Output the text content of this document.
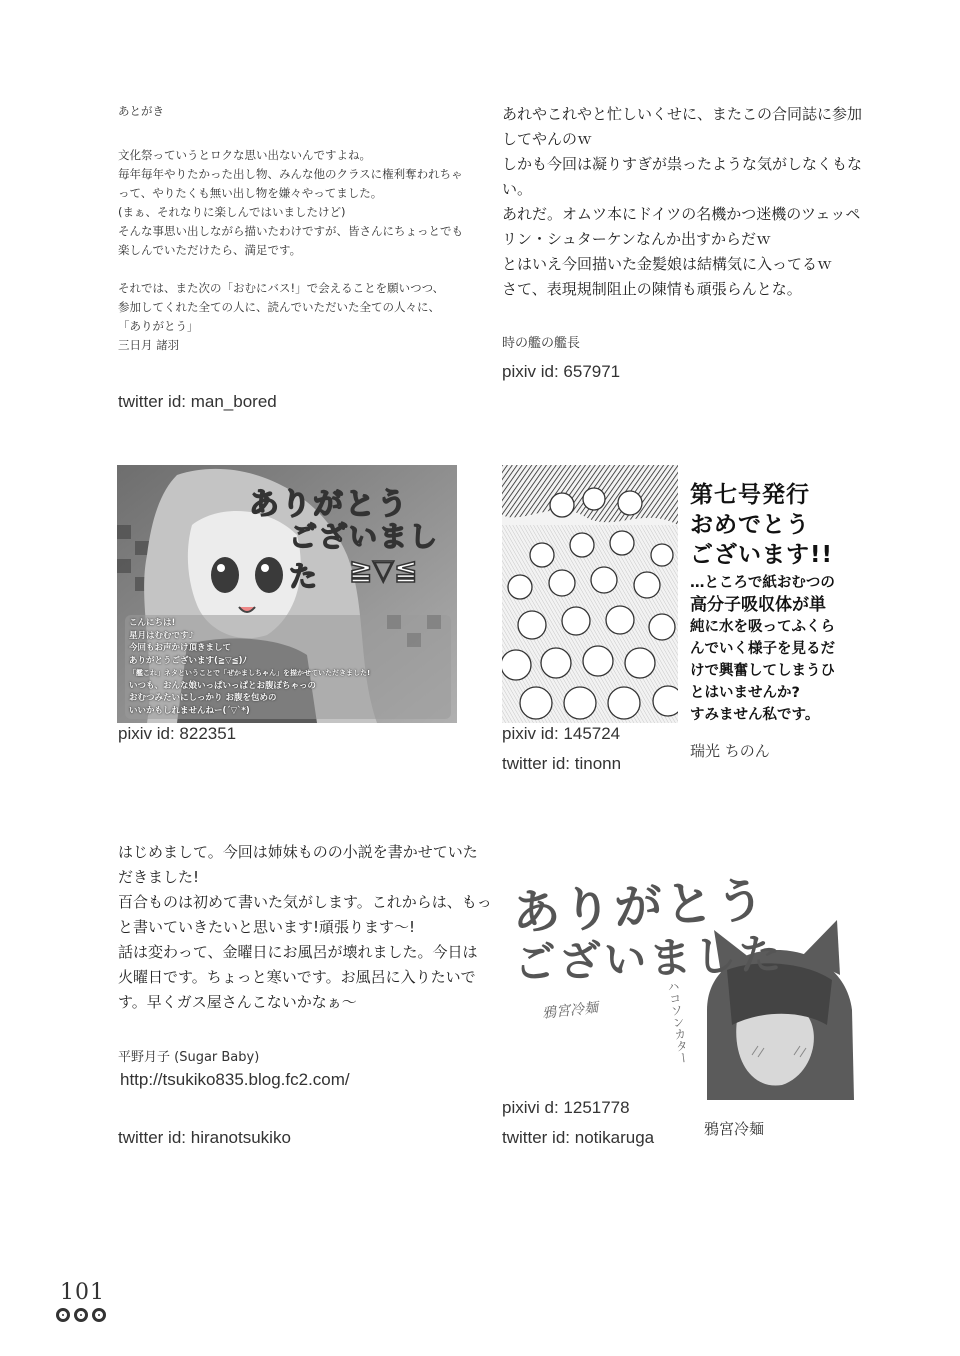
あとがき
文化祭っていうとロクな思い出ないんですよね。
毎年毎年やりたかった出し物、みんな他のクラスに権利奪われちゃって、やりたくも無い出し物を嫌々やってました。
(まぁ、それなりに楽しんではいましたけど)
そんな事思い出しながら描いたわけですが、皆さんにちょっとでも楽しんでいただけたら、満足です。
それでは、また次の「おむにバス!」で会えることを願いつつ、
参加してくれた全ての人に、読んでいただいた全ての人々に、
「ありがとう」
三日月 諸羽
twitter id: man_bored
あれやこれやと忙しいくせに、またこの合同誌に参加
してやんのｗ
しかも今回は凝りすぎが祟ったような気がしなくもな
い。
あれだ。オムツ本にドイツの名機かつ迷機のツェッペ
リン・シュターケンなんか出すからだｗ
とはいえ今回描いた金髪娘は結構気に入ってるｗ
さて、表現規制阻止の陳情も頑張らんとな。
時の艦の艦長
pixiv id: 657971
ありがとう
ございました	≧▽≦
こんにちは!
星月はむむです♪
今回もお声かけ頂きまして
ありがとうございます(≧▽≦)ﾉ
「艦これ」ネタということで「ぜかましちゃん」を描かせていただきました!
いつも、おんな娘いっぱいっぱとお腹ぽちゃっの
おむつみたいにしっかり お腹を包めの
いいかもしれませんねー(´▽`*)
pixiv id: 822351
第七号発行
おめでとう
ございます!!
…ところで紙おむつの
高分子吸収体が単
純に水を吸ってふくら
んでいく様子を見るだ
けで興奮してしまうひ
とはいませんか?
すみません私です。
pixiv id: 145724
瑞光 ちのん
twitter id: tinonn
はじめまして。今回は姉妹ものの小説を書かせていた
だきました!
百合ものは初めて書いた気がします。これからは、もっ
と書いていきたいと思います!頑張ります～!
話は変わって、金曜日にお風呂が壊れました。今日は
火曜日です。ちょっと寒いです。お風呂に入りたいで
す。早くガス屋さんこないかなぁ～
平野月子 (Sugar Baby)
http://tsukiko835.blog.fc2.com/
twitter id: hiranotsukiko
ありがとう
ございました
鴉宮冷麺	ハコソンカター
pixivi d: 1251778
鴉宮冷麺
twitter id: notikaruga
101
